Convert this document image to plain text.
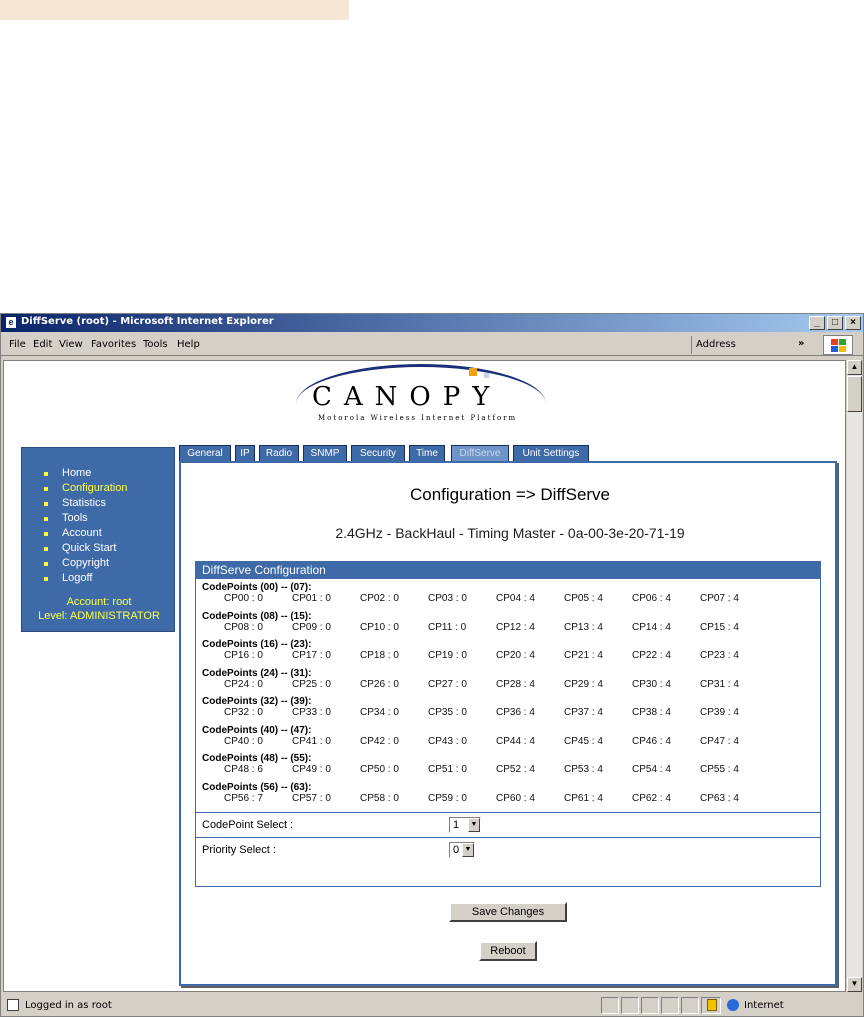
e DiffServe (root) - Microsoft Internet Explorer	_	□	×
File Edit View Favorites Tools Help	Address	»
CANOPY
Motorola Wireless Internet Platform
Home
Configuration
Statistics
Tools
Account
Quick Start
Copyright
Logoff
Account: root
Level: ADMINISTRATOR
General	IP	Radio	SNMP	Security	Time	DiffServe	Unit Settings
Configuration => DiffServe
2.4GHz - BackHaul - Timing Master - 0a-00-3e-20-71-19
DiffServe Configuration
CodePoints (00) -- (07):
CP00 : 0	CP01 : 0	CP02 : 0	CP03 : 0	CP04 : 4	CP05 : 4	CP06 : 4	CP07 : 4
CodePoints (08) -- (15):
CP08 : 0	CP09 : 0	CP10 : 0	CP11 : 0	CP12 : 4	CP13 : 4	CP14 : 4	CP15 : 4
CodePoints (16) -- (23):
CP16 : 0	CP17 : 0	CP18 : 0	CP19 : 0	CP20 : 4	CP21 : 4	CP22 : 4	CP23 : 4
CodePoints (24) -- (31):
CP24 : 0	CP25 : 0	CP26 : 0	CP27 : 0	CP28 : 4	CP29 : 4	CP30 : 4	CP31 : 4
CodePoints (32) -- (39):
CP32 : 0	CP33 : 0	CP34 : 0	CP35 : 0	CP36 : 4	CP37 : 4	CP38 : 4	CP39 : 4
CodePoints (40) -- (47):
CP40 : 0	CP41 : 0	CP42 : 0	CP43 : 0	CP44 : 4	CP45 : 4	CP46 : 4	CP47 : 4
CodePoints (48) -- (55):
CP48 : 6	CP49 : 0	CP50 : 0	CP51 : 0	CP52 : 4	CP53 : 4	CP54 : 4	CP55 : 4
CodePoints (56) -- (63):
CP56 : 7	CP57 : 0	CP58 : 0	CP59 : 0	CP60 : 4	CP61 : 4	CP62 : 4	CP63 : 4
CodePoint Select :	1	▼
Priority Select :	0 ▼
Save Changes
Reboot
▲
▼
Logged in as root	Internet
